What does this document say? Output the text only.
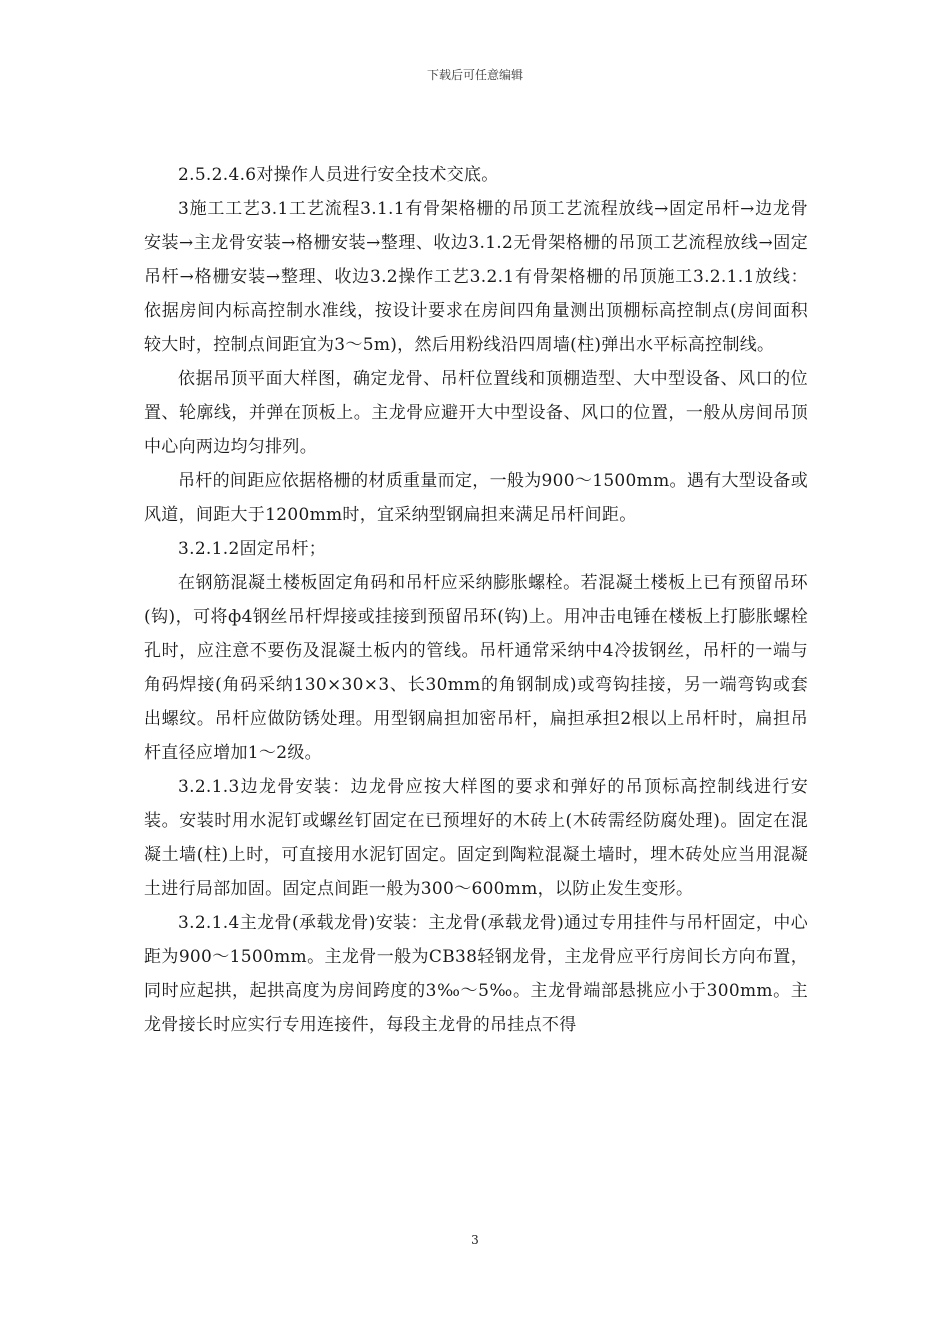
下载后可任意编辑

2.5.2.4.6对操作人员进行安全技术交底。

3施工工艺3.1工艺流程3.1.1有骨架格栅的吊顶工艺流程放线→固定吊杆→边龙骨安装→主龙骨安装→格栅安装→整理、收边3.1.2无骨架格栅的吊顶工艺流程放线→固定吊杆→格栅安装→整理、收边3.2操作工艺3.2.1有骨架格栅的吊顶施工3.2.1.1放线：依据房间内标高控制水准线，按设计要求在房间四角量测出顶棚标高控制点(房间面积较大时，控制点间距宜为3～5m)，然后用粉线沿四周墙(柱)弹出水平标高控制线。

依据吊顶平面大样图，确定龙骨、吊杆位置线和顶棚造型、大中型设备、风口的位置、轮廓线，并弹在顶板上。主龙骨应避开大中型设备、风口的位置，一般从房间吊顶中心向两边均匀排列。

吊杆的间距应依据格栅的材质重量而定，一般为900～1500mm。遇有大型设备或风道，间距大于1200mm时，宜采纳型钢扁担来满足吊杆间距。

3.2.1.2固定吊杆；

在钢筋混凝土楼板固定角码和吊杆应采纳膨胀螺栓。若混凝土楼板上已有预留吊环(钩)，可将ф4钢丝吊杆焊接或挂接到预留吊环(钩)上。用冲击电锤在楼板上打膨胀螺栓孔时，应注意不要伤及混凝土板内的管线。吊杆通常采纳中4冷拔钢丝，吊杆的一端与角码焊接(角码采纳130×30×3、长30mm的角钢制成)或弯钩挂接，另一端弯钩或套出螺纹。吊杆应做防锈处理。用型钢扁担加密吊杆，扁担承担2根以上吊杆时，扁担吊杆直径应增加1～2级。

3.2.1.3边龙骨安装：边龙骨应按大样图的要求和弹好的吊顶标高控制线进行安装。安装时用水泥钉或螺丝钉固定在已预埋好的木砖上(木砖需经防腐处理)。固定在混凝土墙(柱)上时，可直接用水泥钉固定。固定到陶粒混凝土墙时，埋木砖处应当用混凝土进行局部加固。固定点间距一般为300～600mm，以防止发生变形。

3.2.1.4主龙骨(承载龙骨)安装：主龙骨(承载龙骨)通过专用挂件与吊杆固定，中心距为900～1500mm。主龙骨一般为CB38轻钢龙骨，主龙骨应平行房间长方向布置，同时应起拱，起拱高度为房间跨度的3‰～5‰。主龙骨端部悬挑应小于300mm。主龙骨接长时应实行专用连接件，每段主龙骨的吊挂点不得

3
